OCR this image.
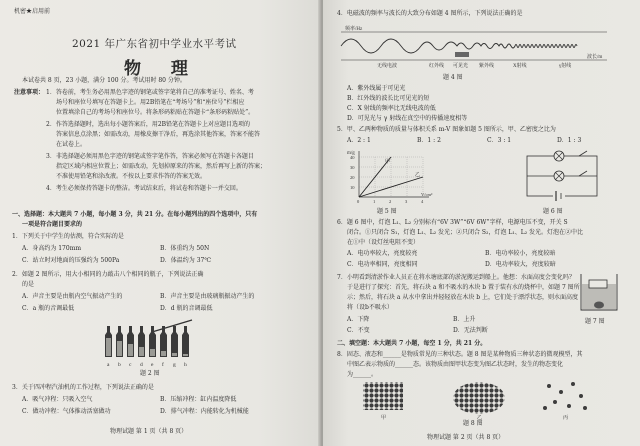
机密★启用前
2021 年广东省初中学业水平考试
物 理
本试卷共 8 页，23 小题，满分 100 分。考试用时 80 分钟。
注意事项： 1．答卷前，考生务必用黑色字迹的钢笔或签字笔将自己的准考证号、姓名、考
场号和座位号填写在答题卡上。用2B铅笔在“考场号”和“座位号”栏相应
位置填涂自己的考场号和座位号。将条形码粘贴在答题卡“条形码粘贴处”。
2．作答选择题时，选出每小题答案后，用2B铅笔在答题卡上对应题目选项的
答案信息点涂黑；如需改动，用橡皮擦干净后，再选涂其他答案，答案不能答
在试卷上。
3．非选择题必须用黑色字迹的钢笔或签字笔作答，答案必须写在答题卡各题目
指定区域内相应位置上；如需改动，先划掉原来的答案，然后再写上新的答案；
不准使用铅笔和涂改液。不按以上要求作答的答案无效。
4．考生必须保持答题卡的整洁。考试结束后，将试卷和答题卡一并交回。
一、选择题：本大题共 7 小题，每小题 3 分，共 21 分。在每小题列出的四个选项中，只有
一项是符合题目要求的
1．下列关于中学生的估测，符合实际的是
A．身高约为 170mm	B．体重约为 50N
C．站立时对地面的压强约为 500Pa	D．体温约为 37℃
2．如题 2 图所示，用大小相同的力敲击八个相同的瓶子，下列说法正确
的是
A．声音主要是由瓶内空气振动产生的	B．声音主要是由玻璃瓶振动产生的
C．a 瓶的音调最低	D．d 瓶的音调最低
a b c d e f g h
题 2 图
3．关于四冲程汽油机的工作过程，下列说法正确的是
A．吸气冲程：只吸入空气	B．压缩冲程：缸内温度降低
C．做功冲程：气体推动活塞做功	D．排气冲程：内能转化为机械能
物理试题 第 1 页（共 8 页）
4．电磁波的频率与波长的大致分布如题 4 图所示，下列说法正确的是
频率/Hz
波长/m
无线电波	红外线 可见光 紫外线	X射线	γ射线
题 4 图
A．紫外线属于可见光
B．红外线的波长比可见光的短
C．X 射线的频率比无线电波的低
D．可见光与 γ 射线在真空中的传播速度相等
5．甲、乙两种物质的质量与体积关系 m-V 图象如题 5 图所示，甲、乙密度之比为
A．2 : 1	B．1 : 2	C．3 : 1	D．1 : 3
m/g
甲
乙
10
20
30
40
0	1	2	3	4
V/cm³
题 5 图	题 6 图
6．题 6 图中，灯泡 L₁、L₂ 分别标有“6V 3W”“6V 6W”字样，电源电压不变，开关 S
闭合。①只闭合 S₁，灯泡 L₁、L₂ 发光；②只闭合 S₂，灯泡 L₁、L₂ 发光。灯泡在②中比
在①中（设灯丝电阻不变）
A．电功率较大，亮度较亮	B．电功率较小，亮度较暗
C．电功率相同，亮度相同	D．电功率较大，亮度较暗
7．小明看到清淤作业人员正在将水塘底部的淤泥搬运到船上。他想：水面高度会变化吗？
于是进行了探究：首先，将石块 a 和不吸水的木块 b 置于装有水的烧杯中，如题 7 图所
示；然后，将石块 a 从水中拿出并轻轻放在木块 b 上，它们处于漂浮状态，则水面高度
将（设b不吸水）
A．下降	B．上升
C．不变	D．无法判断
题 7 图
二、填空题：本大题共 7 小题，每空 1 分，共 21 分。
8．固态、液态和______是物质常见的三种状态。题 8 图是某种物质三种状态的微观模型，其
中图乙表示物质的______态。该物质由图甲状态变为图乙状态时，发生的物态变化
为______。
甲	乙	丙
题 8 图
物理试题 第 2 页（共 8 页）
